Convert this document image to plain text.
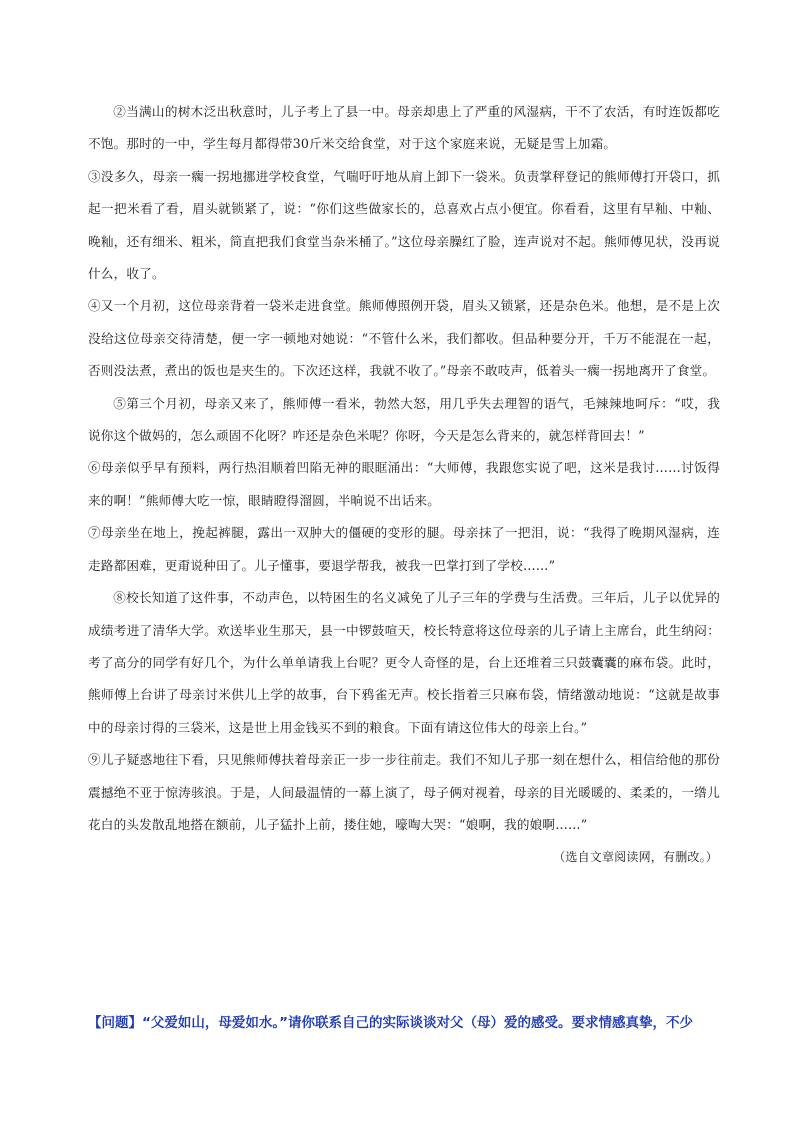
②当满山的树木泛出秋意时，儿子考上了县一中。母亲却患上了严重的风湿病，干不了农活，有时连饭都吃不饱。那时的一中，学生每月都得带30斤米交给食堂，对于这个家庭来说，无疑是雪上加霜。

③没多久，母亲一瘸一拐地挪进学校食堂，气喘吁吁地从肩上卸下一袋米。负责掌秤登记的熊师傅打开袋口，抓起一把米看了看，眉头就锁紧了，说：“你们这些做家长的，总喜欢占点小便宜。你看看，这里有早籼、中籼、晚籼，还有细米、粗米，简直把我们食堂当杂米桶了。”这位母亲臊红了脸，连声说对不起。熊师傅见状，没再说什么，收了。

④又一个月初，这位母亲背着一袋米走进食堂。熊师傅照例开袋，眉头又锁紧，还是杂色米。他想，是不是上次没给这位母亲交待清楚，便一字一顿地对她说：“不管什么米，我们都收。但品种要分开，千万不能混在一起，否则没法煮，煮出的饭也是夹生的。下次还这样，我就不收了。”母亲不敢吱声，低着头一瘸一拐地离开了食堂。

⑤第三个月初，母亲又来了，熊师傅一看米，勃然大怒，用几乎失去理智的语气，毛辣辣地呵斥：“哎，我说你这个做妈的，怎么顽固不化呀？咋还是杂色米呢？你呀，今天是怎么背来的，就怎样背回去！”

⑥母亲似乎早有预料，两行热泪顺着凹陷无神的眼眶涌出：“大师傅，我跟您实说了吧，这米是我讨……讨饭得来的啊！”熊师傅大吃一惊，眼睛瞪得溜圆，半晌说不出话来。

⑦母亲坐在地上，挽起裤腿，露出一双肿大的僵硬的变形的腿。母亲抹了一把泪，说：“我得了晚期风湿病，连走路都困难，更甭说种田了。儿子懂事，要退学帮我，被我一巴掌打到了学校……”

⑧校长知道了这件事，不动声色，以特困生的名义减免了儿子三年的学费与生活费。三年后，儿子以优异的成绩考进了清华大学。欢送毕业生那天，县一中锣鼓喧天，校长特意将这位母亲的儿子请上主席台，此生纳闷：考了高分的同学有好几个，为什么单单请我上台呢？更令人奇怪的是，台上还堆着三只鼓囊囊的麻布袋。此时，熊师傅上台讲了母亲讨米供儿上学的故事，台下鸦雀无声。校长指着三只麻布袋，情绪激动地说：“这就是故事中的母亲讨得的三袋米，这是世上用金钱买不到的粮食。下面有请这位伟大的母亲上台。”

⑨儿子疑惑地往下看，只见熊师傅扶着母亲正一步一步往前走。我们不知儿子那一刻在想什么，相信给他的那份震撼绝不亚于惊涛骇浪。于是，人间最温情的一幕上演了，母子俩对视着，母亲的目光暖暖的、柔柔的，一绺儿花白的头发散乱地搭在额前，儿子猛扑上前，搂住她，嚎啕大哭：“娘啊，我的娘啊……”

（选自文章阅读网，有删改。）

【问题】“父爱如山，母爱如水。”请你联系自己的实际谈谈对父（母）爱的感受。要求情感真挚，不少
